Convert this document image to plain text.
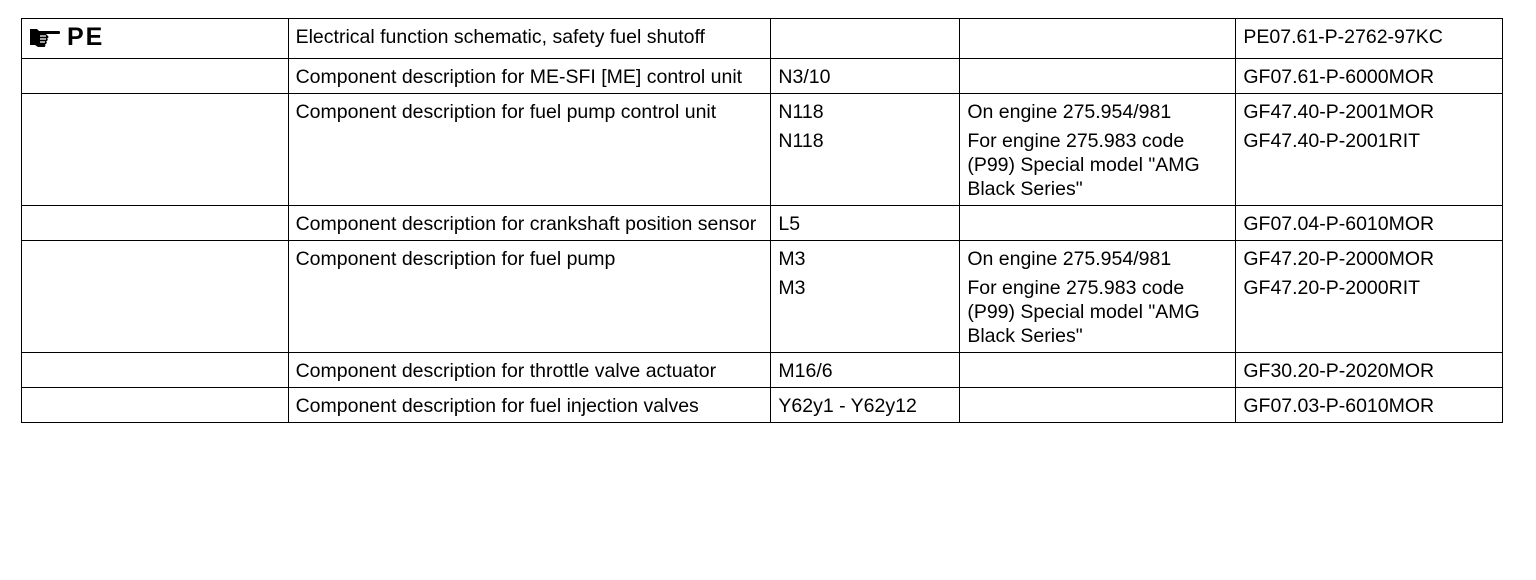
PE	Electrical function schematic, safety fuel shutoff			PE07.61-P-2762-97KC
	Component description for ME-SFI [ME] control unit	N3/10		GF07.61-P-6000MOR
	Component description for fuel pump control unit	N118	On engine 275.954/981	GF47.40-P-2001MOR
		N118	For engine 275.983 code (P99) Special model "AMG Black Series"	GF47.40-P-2001RIT
	Component description for crankshaft position sensor	L5		GF07.04-P-6010MOR
	Component description for fuel pump	M3	On engine 275.954/981	GF47.20-P-2000MOR
		M3	For engine 275.983 code (P99) Special model "AMG Black Series"	GF47.20-P-2000RIT
	Component description for throttle valve actuator	M16/6		GF30.20-P-2020MOR
	Component description for fuel injection valves	Y62y1 - Y62y12		GF07.03-P-6010MOR
